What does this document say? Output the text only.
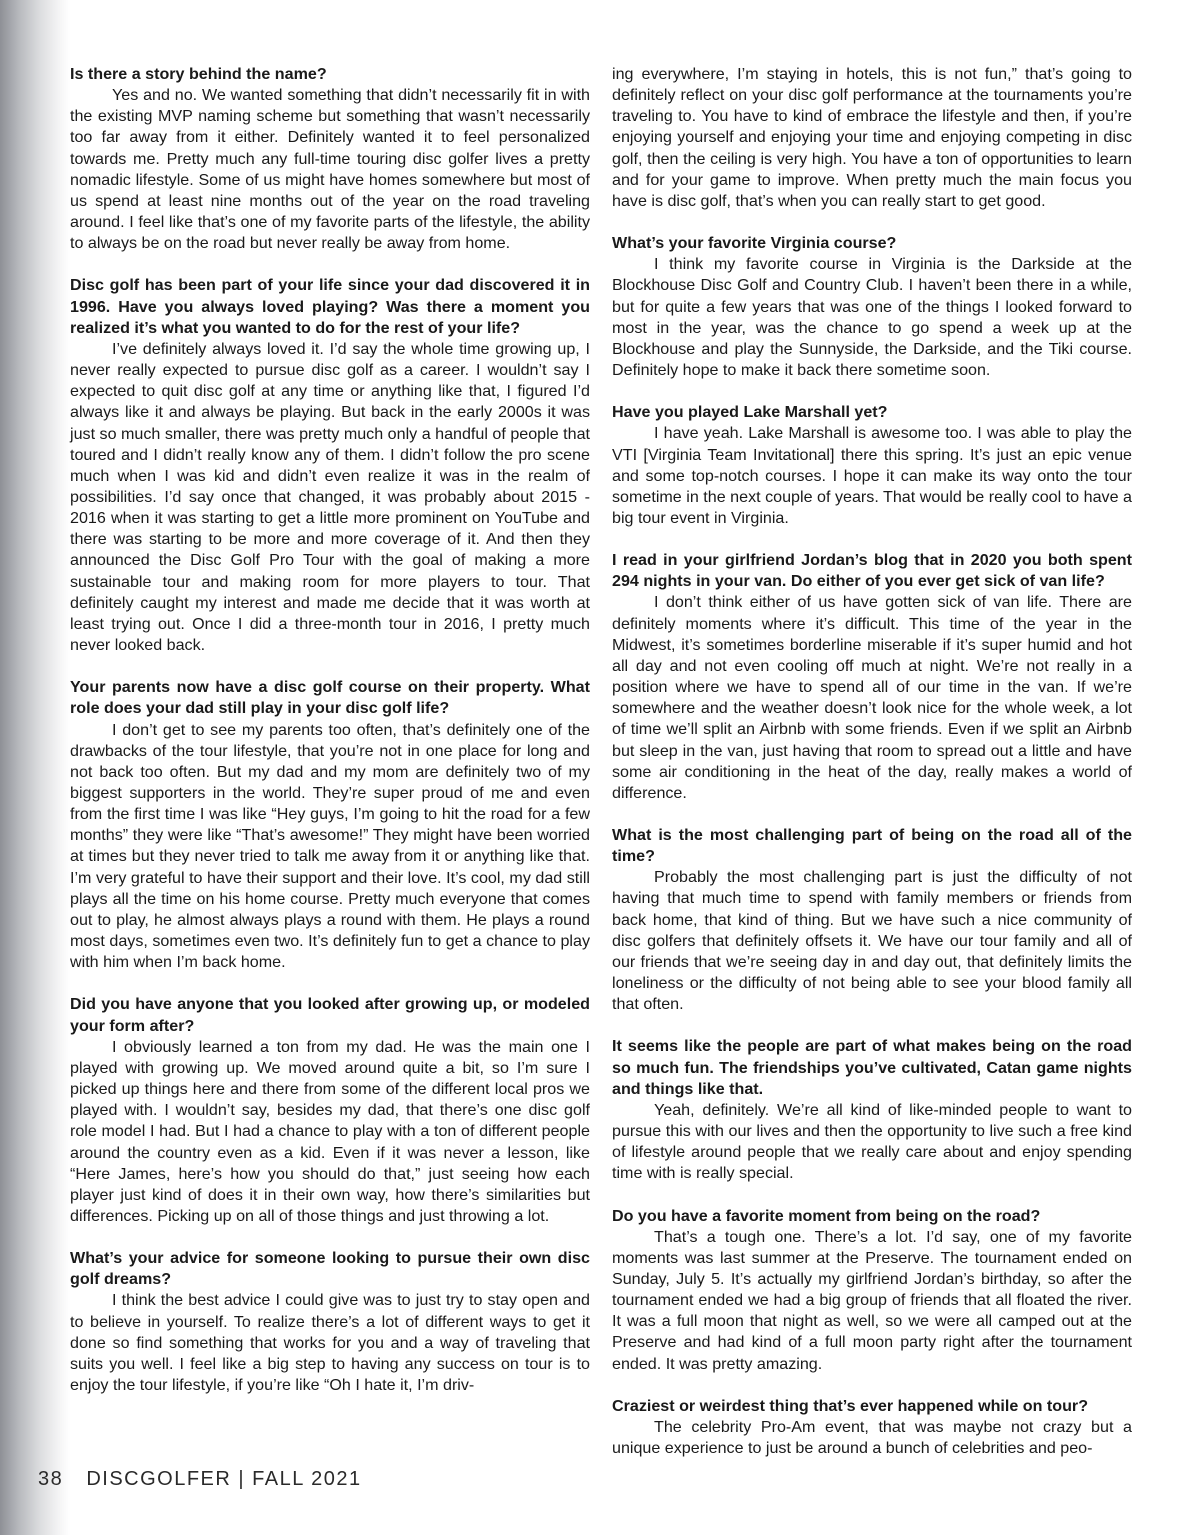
Is there a story behind the name?

Yes and no. We wanted something that didn’t necessarily fit in with the existing MVP naming scheme but something that wasn’t necessarily too far away from it either. Definitely wanted it to feel personalized towards me. Pretty much any full-time touring disc golfer lives a pretty nomadic lifestyle. Some of us might have homes somewhere but most of us spend at least nine months out of the year on the road traveling around. I feel like that’s one of my favorite parts of the lifestyle, the ability to always be on the road but never really be away from home.

Disc golf has been part of your life since your dad discovered it in 1996. Have you always loved playing? Was there a moment you realized it’s what you wanted to do for the rest of your life?

I’ve definitely always loved it. I’d say the whole time growing up, I never really expected to pursue disc golf as a career. I wouldn’t say I expected to quit disc golf at any time or anything like that, I figured I’d always like it and always be playing. But back in the early 2000s it was just so much smaller, there was pretty much only a handful of people that toured and I didn’t really know any of them. I didn’t follow the pro scene much when I was kid and didn’t even realize it was in the realm of possibilities. I’d say once that changed, it was probably about 2015 - 2016 when it was starting to get a little more prominent on YouTube and there was starting to be more and more coverage of it. And then they announced the Disc Golf Pro Tour with the goal of making a more sustainable tour and making room for more players to tour. That definitely caught my interest and made me decide that it was worth at least trying out. Once I did a three-month tour in 2016, I pretty much never looked back.

Your parents now have a disc golf course on their property. What role does your dad still play in your disc golf life?

I don’t get to see my parents too often, that’s definitely one of the drawbacks of the tour lifestyle, that you’re not in one place for long and not back too often. But my dad and my mom are definitely two of my biggest supporters in the world. They’re super proud of me and even from the first time I was like “Hey guys, I’m going to hit the road for a few months” they were like “That’s awesome!” They might have been worried at times but they never tried to talk me away from it or anything like that. I’m very grateful to have their support and their love. It’s cool, my dad still plays all the time on his home course. Pretty much everyone that comes out to play, he almost always plays a round with them. He plays a round most days, sometimes even two. It’s definitely fun to get a chance to play with him when I’m back home.

Did you have anyone that you looked after growing up, or modeled your form after?

I obviously learned a ton from my dad. He was the main one I played with growing up. We moved around quite a bit, so I’m sure I picked up things here and there from some of the different local pros we played with. I wouldn’t say, besides my dad, that there’s one disc golf role model I had. But I had a chance to play with a ton of different people around the country even as a kid. Even if it was never a lesson, like “Here James, here’s how you should do that,” just seeing how each player just kind of does it in their own way, how there’s similarities but differences. Picking up on all of those things and just throwing a lot.

What’s your advice for someone looking to pursue their own disc golf dreams?

I think the best advice I could give was to just try to stay open and to believe in yourself. To realize there’s a lot of different ways to get it done so find something that works for you and a way of traveling that suits you well. I feel like a big step to having any success on tour is to enjoy the tour lifestyle, if you’re like “Oh I hate it, I’m driv-

ing everywhere, I’m staying in hotels, this is not fun,” that’s going to definitely reflect on your disc golf performance at the tournaments you’re traveling to. You have to kind of embrace the lifestyle and then, if you’re enjoying yourself and enjoying your time and enjoying competing in disc golf, then the ceiling is very high. You have a ton of opportunities to learn and for your game to improve. When pretty much the main focus you have is disc golf, that’s when you can really start to get good.

What’s your favorite Virginia course?

I think my favorite course in Virginia is the Darkside at the Blockhouse Disc Golf and Country Club. I haven’t been there in a while, but for quite a few years that was one of the things I looked forward to most in the year, was the chance to go spend a week up at the Blockhouse and play the Sunnyside, the Darkside, and the Tiki course. Definitely hope to make it back there sometime soon.

Have you played Lake Marshall yet?

I have yeah. Lake Marshall is awesome too. I was able to play the VTI [Virginia Team Invitational] there this spring. It’s just an epic venue and some top-notch courses. I hope it can make its way onto the tour sometime in the next couple of years. That would be really cool to have a big tour event in Virginia.

I read in your girlfriend Jordan’s blog that in 2020 you both spent 294 nights in your van. Do either of you ever get sick of van life?

I don’t think either of us have gotten sick of van life. There are definitely moments where it’s difficult. This time of the year in the Midwest, it’s sometimes borderline miserable if it’s super humid and hot all day and not even cooling off much at night. We’re not really in a position where we have to spend all of our time in the van. If we’re somewhere and the weather doesn’t look nice for the whole week, a lot of time we’ll split an Airbnb with some friends. Even if we split an Airbnb but sleep in the van, just having that room to spread out a little and have some air conditioning in the heat of the day, really makes a world of difference.

What is the most challenging part of being on the road all of the time?

Probably the most challenging part is just the difficulty of not having that much time to spend with family members or friends from back home, that kind of thing. But we have such a nice community of disc golfers that definitely offsets it. We have our tour family and all of our friends that we’re seeing day in and day out, that definitely limits the loneliness or the difficulty of not being able to see your blood family all that often.

It seems like the people are part of what makes being on the road so much fun. The friendships you’ve cultivated, Catan game nights and things like that.

Yeah, definitely. We’re all kind of like-minded people to want to pursue this with our lives and then the opportunity to live such a free kind of lifestyle around people that we really care about and enjoy spending time with is really special.

Do you have a favorite moment from being on the road?

That’s a tough one. There’s a lot. I’d say, one of my favorite moments was last summer at the Preserve. The tournament ended on Sunday, July 5. It’s actually my girlfriend Jordan’s birthday, so after the tournament ended we had a big group of friends that all floated the river. It was a full moon that night as well, so we were all camped out at the Preserve and had kind of a full moon party right after the tournament ended. It was pretty amazing.

Craziest or weirdest thing that’s ever happened while on tour?

The celebrity Pro-Am event, that was maybe not crazy but a unique experience to just be around a bunch of celebrities and peo-

38 DISCGOLFER | FALL 2021
